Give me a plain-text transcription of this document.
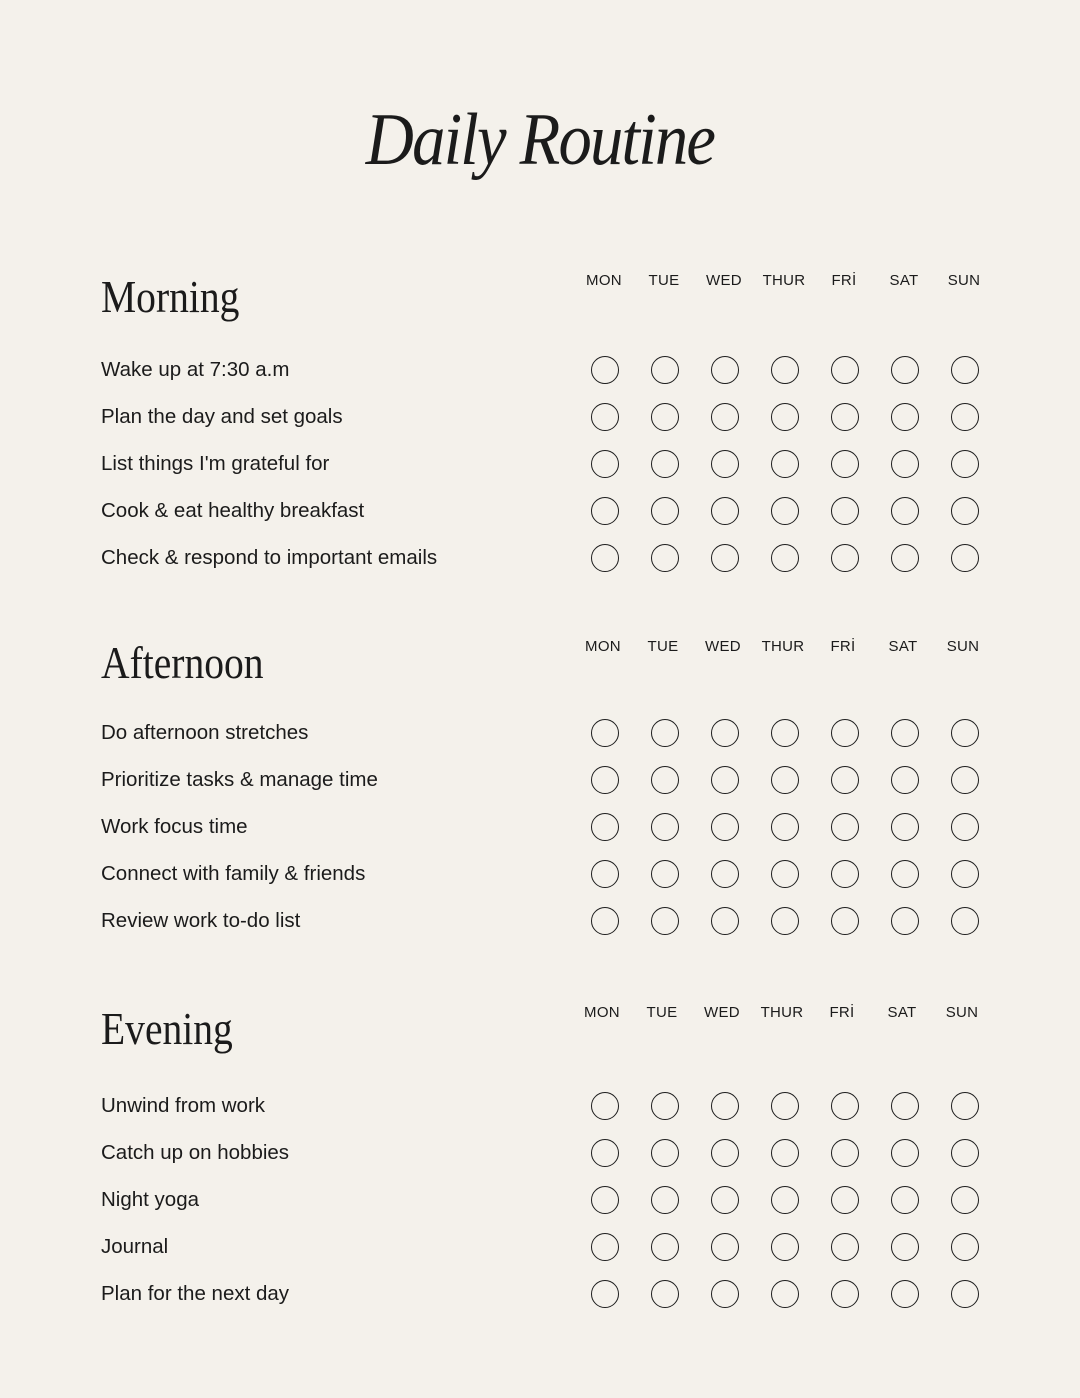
Daily Routine
Morning	MON	TUE	WED	THUR	FRİ	SAT	SUN
Wake up at 7:30 a.m
Plan the day and set goals
List things I'm grateful for
Cook & eat healthy breakfast
Check & respond to important emails
Afternoon	MON	TUE	WED	THUR	FRİ	SAT	SUN
Do afternoon stretches
Prioritize tasks & manage time
Work focus time
Connect with family & friends
Review work to-do list
Evening	MON	TUE	WED	THUR	FRİ	SAT	SUN
Unwind from work
Catch up on hobbies
Night yoga
Journal
Plan for the next day
